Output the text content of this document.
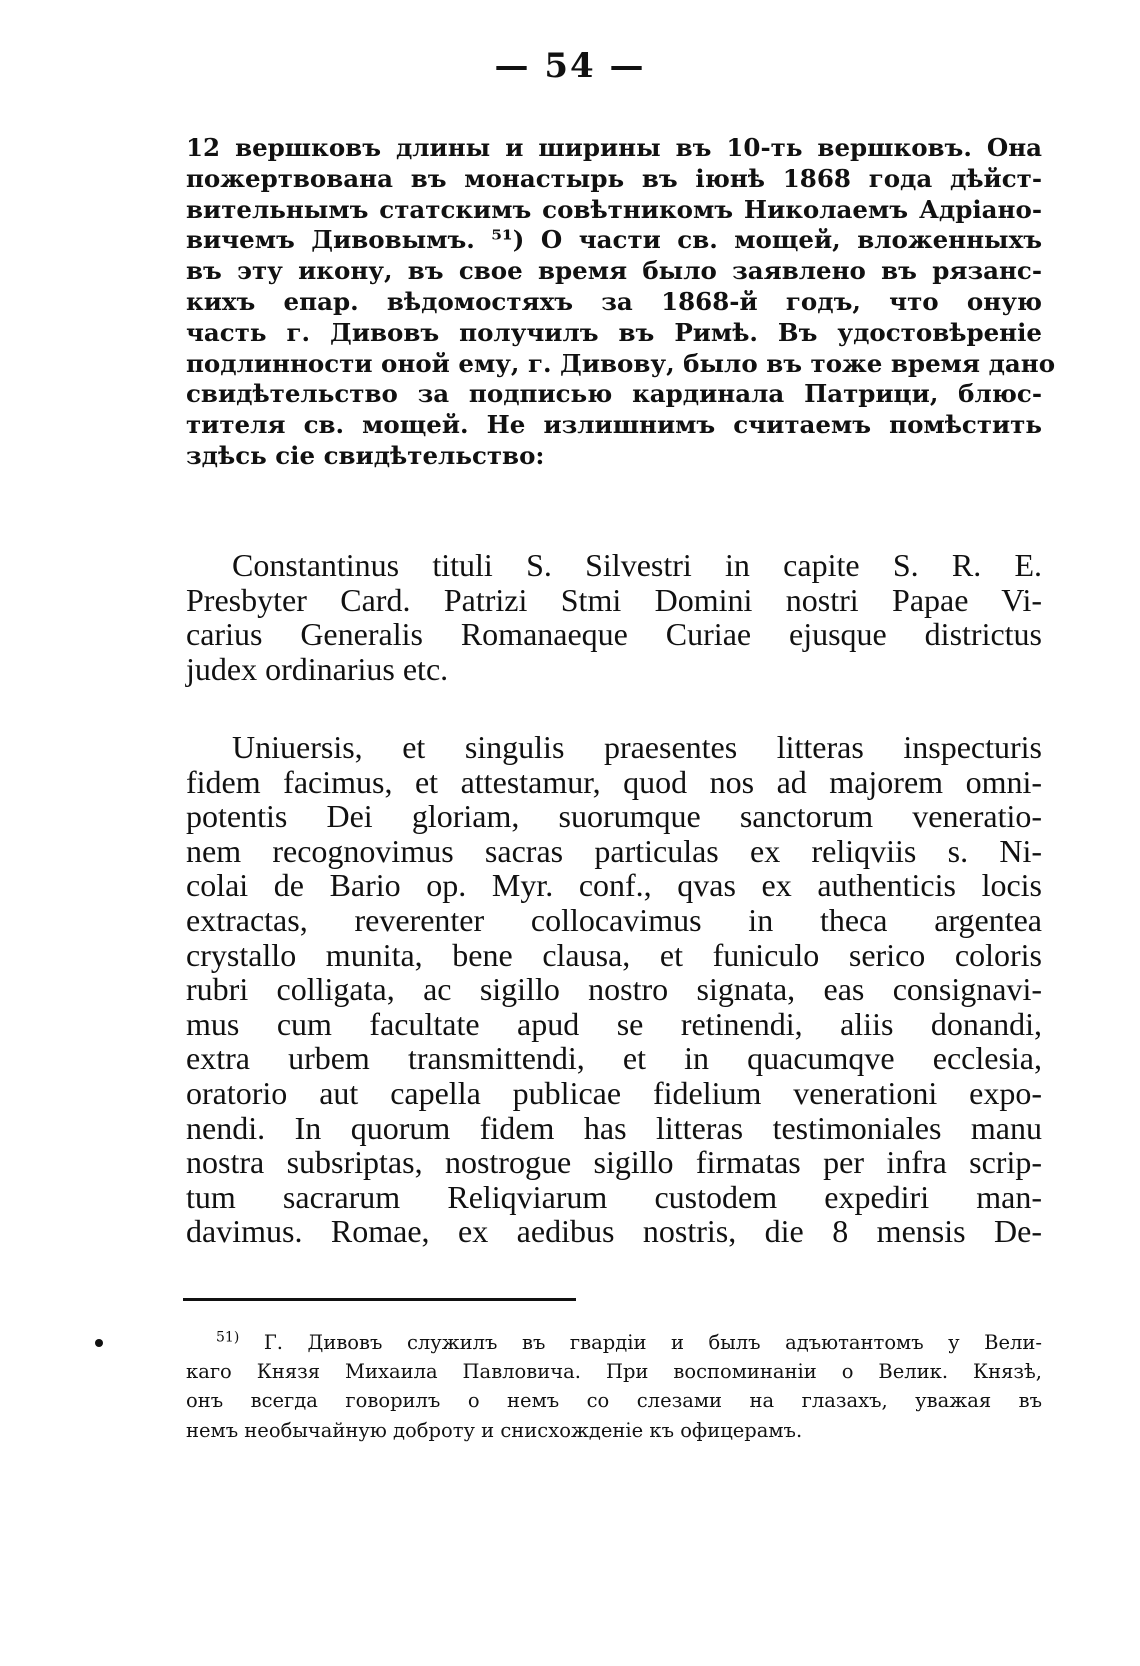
— 54 —
12 вершковъ длины и ширины въ 10-ть вершковъ. Она
пожертвована въ монастырь въ іюнѣ 1868 года дѣйст-
вительнымъ статскимъ совѣтникомъ Николаемъ Адріано-
вичемъ Дивовымъ. ⁵¹) О части св. мощей, вложенныхъ
въ эту икону, въ свое время было заявлено въ рязанс-
кихъ епар. вѣдомостяхъ за 1868-й годъ, что оную
часть г. Дивовъ получилъ въ Римѣ. Въ удостовѣреніе
подлинности оной ему, г. Дивову, было въ тоже время дано
свидѣтельство за подписью кардинала Патрици, блюс-
тителя св. мощей. Не излишнимъ считаемъ помѣстить
здѣсь сіе свидѣтельство:
Constantinus tituli S. Silvestri in capite S. R. E.
Presbyter Card. Patrizi Stmi Domini nostri Papae Vi-
carius Generalis Romanaeque Curiae ejusque districtus
judex ordinarius etc.
Uniuersis, et singulis praesentes litteras inspecturis
fidem facimus, et attestamur, quod nos ad majorem omni-
potentis Dei gloriam, suorumque sanctorum veneratio-
nem recognovimus sacras particulas ex reliqviis s. Ni-
colai de Bario op. Myr. conf., qvas ex authenticis locis
extractas, reverenter collocavimus in theca argentea
crystallo munita, bene clausa, et funiculo serico coloris
rubri colligata, ac sigillo nostro signata, eas consignavi-
mus cum facultate apud se retinendi, aliis donandi,
extra urbem transmittendi, et in quacumqve ecclesia,
oratorio aut capella publicae fidelium venerationi expo-
nendi. In quorum fidem has litteras testimoniales manu
nostra subsriptas, nostrogue sigillo firmatas per infra scrip-
tum sacrarum Reliqviarum custodem expediri man-
davimus. Romae, ex aedibus nostris, die 8 mensis De-
$^{51)}$ Г. Дивовъ служилъ въ гвардіи и былъ адъютантомъ у Вели-
каго Князя Михаила Павловича. При воспоминаніи о Велик. Князѣ,
онъ всегда говорилъ о немъ со слезами на глазахъ, уважая въ
немъ необычайную доброту и снисхожденіе къ офицерамъ.
